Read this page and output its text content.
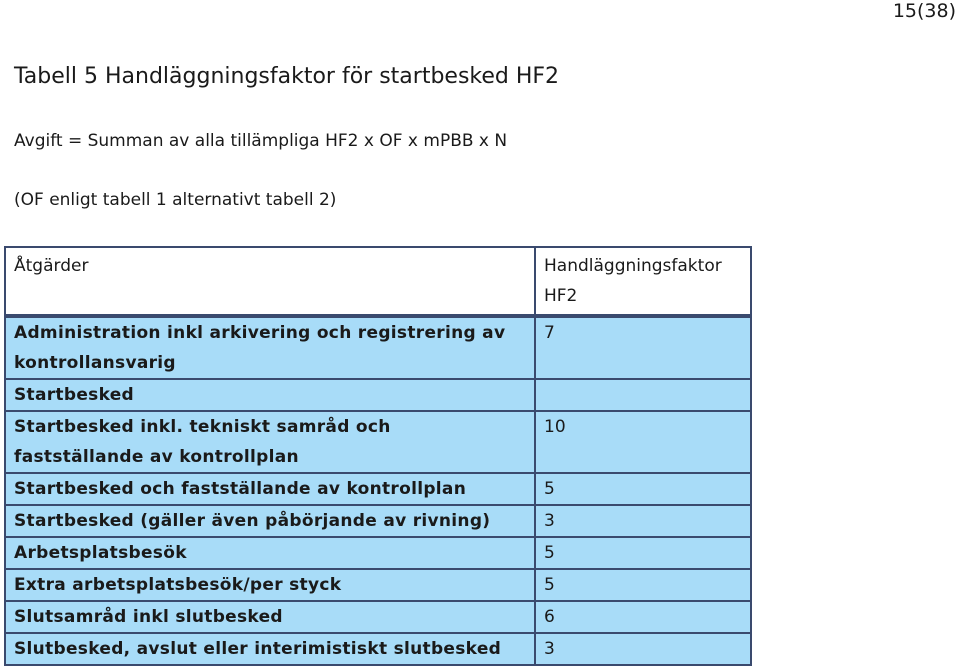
15(38)
Tabell 5 Handläggningsfaktor för startbesked HF2
Avgift = Summan av alla tillämpliga HF2 x OF x mPBB x N
(OF enligt tabell 1 alternativt tabell 2)
Åtgärder	Handläggningsfaktor HF2
Administration inkl arkivering och registrering av kontrollansvarig	7
Startbesked	
Startbesked inkl. tekniskt samråd och fastställande av kontrollplan	10
Startbesked och fastställande av kontrollplan	5
Startbesked (gäller även påbörjande av rivning)	3
Arbetsplatsbesök	5
Extra arbetsplatsbesök/per styck	5
Slutsamråd inkl slutbesked	6
Slutbesked, avslut eller interimistiskt slutbesked	3
